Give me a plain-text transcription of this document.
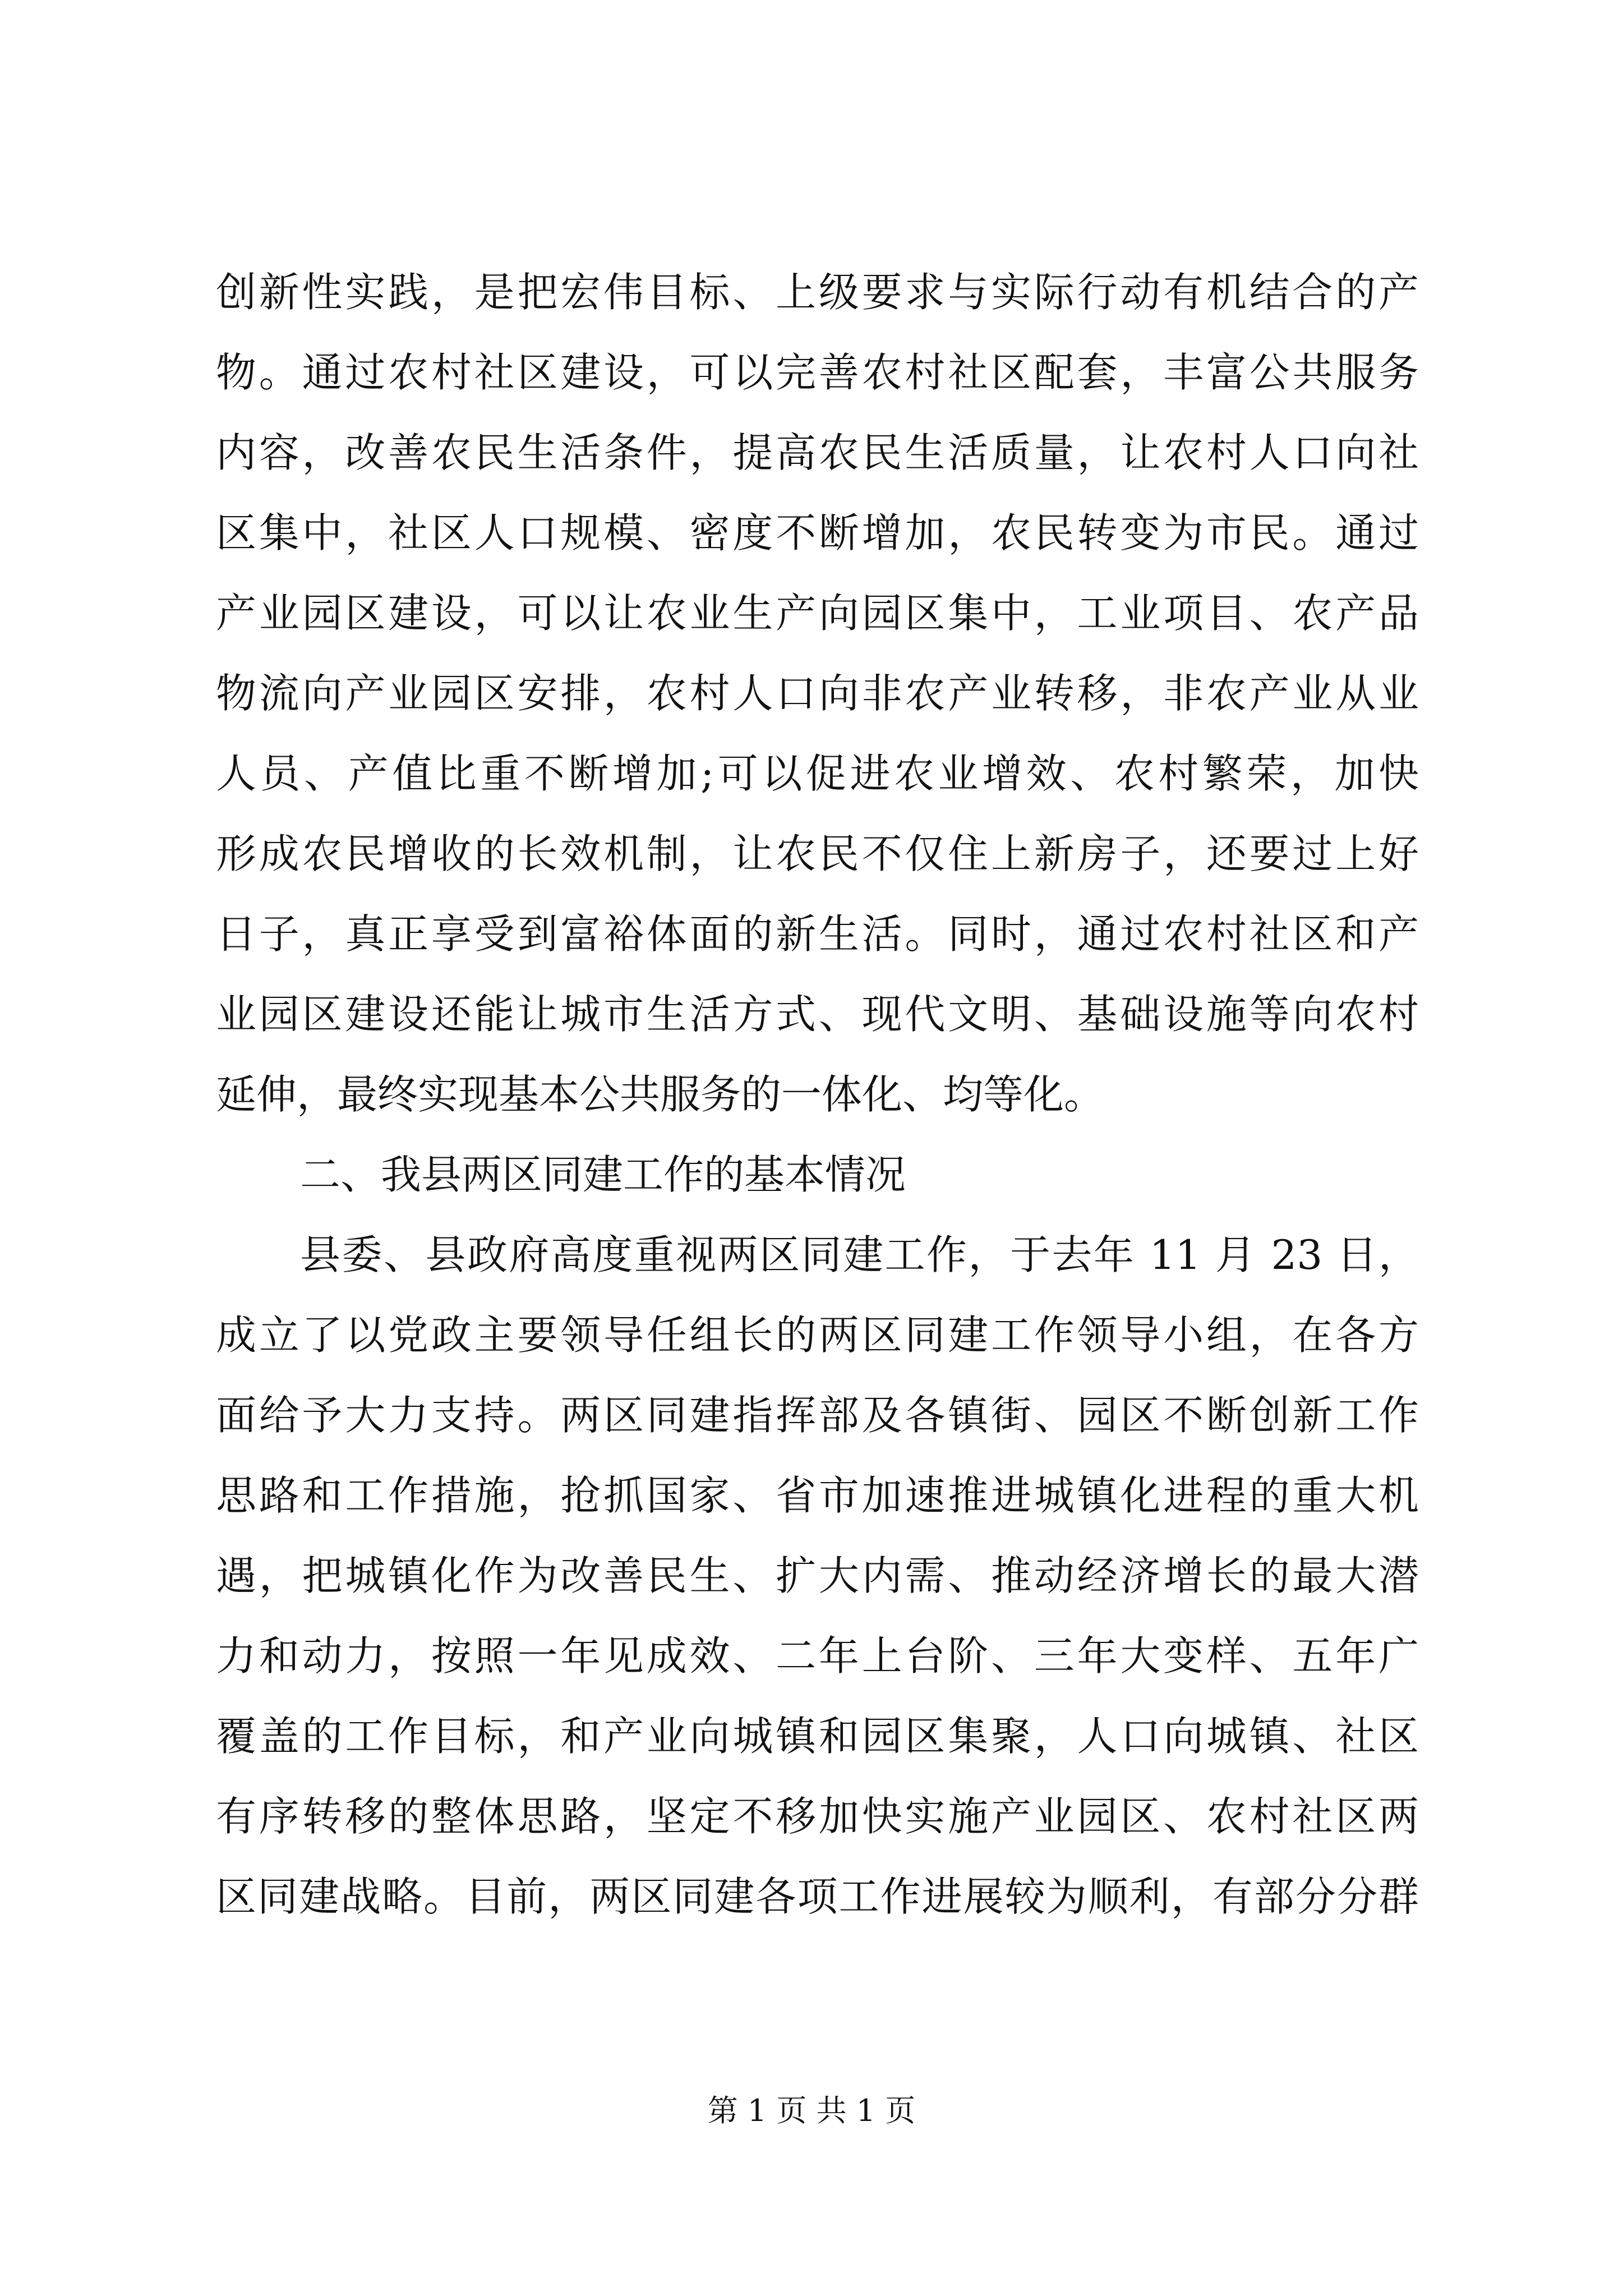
创新性实践，是把宏伟目标、上级要求与实际行动有机结合的产
物。通过农村社区建设，可以完善农村社区配套，丰富公共服务
内容，改善农民生活条件，提高农民生活质量，让农村人口向社
区集中，社区人口规模、密度不断增加，农民转变为市民。通过
产业园区建设，可以让农业生产向园区集中，工业项目、农产品
物流向产业园区安排，农村人口向非农产业转移，非农产业从业
人员、产值比重不断增加;可以促进农业增效、农村繁荣，加快
形成农民增收的长效机制，让农民不仅住上新房子，还要过上好
日子，真正享受到富裕体面的新生活。同时，通过农村社区和产
业园区建设还能让城市生活方式、现代文明、基础设施等向农村
延伸，最终实现基本公共服务的一体化、均等化。
二、我县两区同建工作的基本情况
县委、县政府高度重视两区同建工作，于去年 11 月 23 日，
成立了以党政主要领导任组长的两区同建工作领导小组，在各方
面给予大力支持。两区同建指挥部及各镇街、园区不断创新工作
思路和工作措施，抢抓国家、省市加速推进城镇化进程的重大机
遇，把城镇化作为改善民生、扩大内需、推动经济增长的最大潜
力和动力，按照一年见成效、二年上台阶、三年大变样、五年广
覆盖的工作目标，和产业向城镇和园区集聚，人口向城镇、社区
有序转移的整体思路，坚定不移加快实施产业园区、农村社区两
区同建战略。目前，两区同建各项工作进展较为顺利，有部分分群
第 1 页 共 1 页
